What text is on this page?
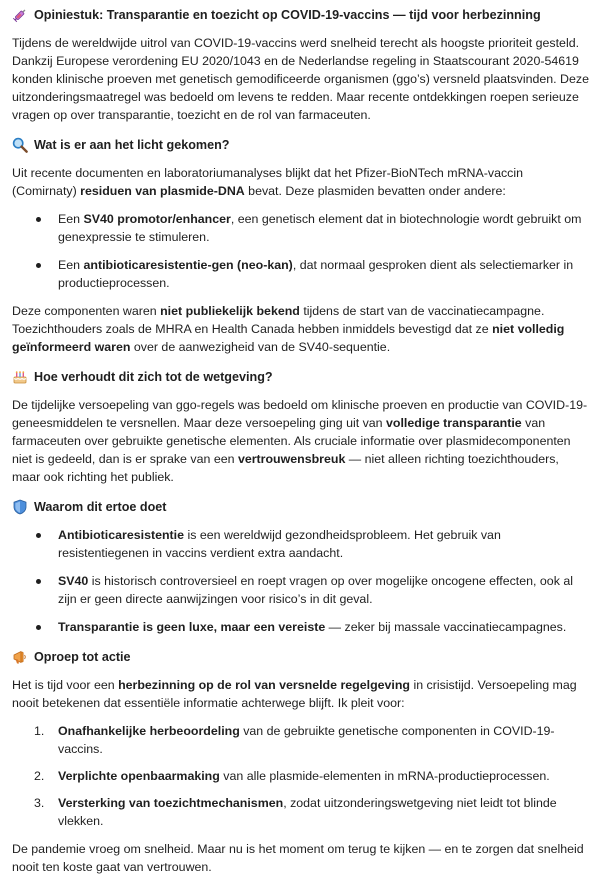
Opiniestuk: Transparantie en toezicht op COVID-19-vaccins — tijd voor herbezinning

Tijdens de wereldwijde uitrol van COVID-19-vaccins werd snelheid terecht als hoogste prioriteit gesteld. Dankzij Europese verordening EU 2020/1043 en de Nederlandse regeling in Staatscourant 2020-54619 konden klinische proeven met genetisch gemodificeerde organismen (ggo’s) versneld plaatsvinden. Deze uitzonderingsmaatregel was bedoeld om levens te redden. Maar recente ontdekkingen roepen serieuze vragen op over transparantie, toezicht en de rol van farmaceuten.

Wat is er aan het licht gekomen?

Uit recente documenten en laboratoriumanalyses blijkt dat het Pfizer-BioNTech mRNA-vaccin (Comirnaty) residuen van plasmide-DNA bevat. Deze plasmiden bevatten onder andere:

Een SV40 promotor/enhancer, een genetisch element dat in biotechnologie wordt gebruikt om genexpressie te stimuleren.
Een antibioticaresistentie-gen (neo-kan), dat normaal gesproken dient als selectiemarker in productieprocessen.

Deze componenten waren niet publiekelijk bekend tijdens de start van de vaccinatiecampagne. Toezichthouders zoals de MHRA en Health Canada hebben inmiddels bevestigd dat ze niet volledig geïnformeerd waren over de aanwezigheid van de SV40-sequentie.

Hoe verhoudt dit zich tot de wetgeving?

De tijdelijke versoepeling van ggo-regels was bedoeld om klinische proeven en productie van COVID-19-geneesmiddelen te versnellen. Maar deze versoepeling ging uit van volledige transparantie van farmaceuten over gebruikte genetische elementen. Als cruciale informatie over plasmidecomponenten niet is gedeeld, dan is er sprake van een vertrouwensbreuk — niet alleen richting toezichthouders, maar ook richting het publiek.

Waarom dit ertoe doet
Antibioticaresistentie is een wereldwijd gezondheidsprobleem. Het gebruik van resistentiegenen in vaccins verdient extra aandacht.
SV40 is historisch controversieel en roept vragen op over mogelijke oncogene effecten, ook al zijn er geen directe aanwijzingen voor risico’s in dit geval.
Transparantie is geen luxe, maar een vereiste — zeker bij massale vaccinatiecampagnes.
Oproep tot actie

Het is tijd voor een herbezinning op de rol van versnelde regelgeving in crisistijd. Versoepeling mag nooit betekenen dat essentiële informatie achterwege blijft. Ik pleit voor:

1. Onafhankelijke herbeoordeling van de gebruikte genetische componenten in COVID-19-vaccins.
2. Verplichte openbaarmaking van alle plasmide-elementen in mRNA-productieprocessen.
3. Versterking van toezichtmechanismen, zodat uitzonderingswetgeving niet leidt tot blinde vlekken.

De pandemie vroeg om snelheid. Maar nu is het moment om terug te kijken — en te zorgen dat snelheid nooit ten koste gaat van vertrouwen.
